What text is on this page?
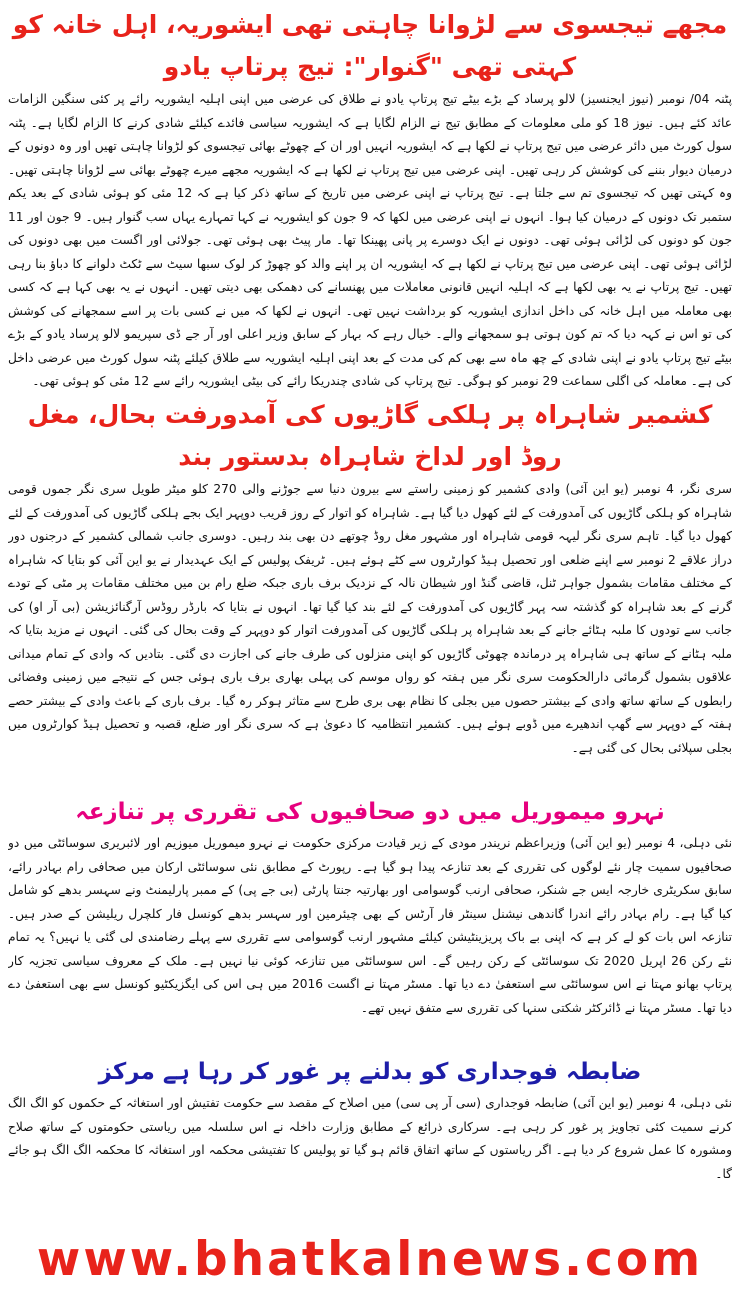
مجھے تیجسوی سے لڑوانا چاہتی تھی ایشوریہ، اہل خانہ کو کہتی تھی "گنوار": تیج پرتاپ یادو

پٹنہ 04/ نومبر (نیوز ایجنسیز) لالو پرساد کے بڑے بیٹے تیج پرتاپ یادو نے طلاق کی عرضی میں اپنی اہلیہ ایشوریہ رائے پر کئی سنگین الزامات عائد کئے ہیں۔ نیوز 18 کو ملی معلومات کے مطابق تیج نے الزام لگایا ہے کہ ایشوریہ سیاسی فائدے کیلئے شادی کرنے کا الزام لگایا ہے۔ پٹنہ سول کورٹ میں دائر عرضی میں تیج پرتاپ نے لکھا ہے کہ ایشوریہ انہیں اور ان کے چھوٹے بھائی تیجسوی کو لڑوانا چاہتی تھیں اور وہ دونوں کے درمیان دیوار بننے کی کوشش کر رہی تھیں۔ اپنی عرضی میں تیج پرتاپ نے لکھا ہے کہ ایشوریہ مجھے میرے چھوٹے بھائی سے لڑوانا چاہتی تھیں۔ وہ کہتی تھیں کہ تیجسوی تم سے جلتا ہے۔ تیج پرتاپ نے اپنی عرضی میں تاریخ کے ساتھ ذکر کیا ہے کہ 12 مئی کو ہوئی شادی کے بعد یکم ستمبر تک دونوں کے درمیان کیا ہوا۔ انہوں نے اپنی عرضی میں لکھا کہ 9 جون کو ایشوریہ نے کہا تمہارے یہاں سب گنوار ہیں۔ 9 جون اور 11 جون کو دونوں کی لڑائی ہوئی تھی۔ دونوں نے ایک دوسرے پر پانی پھینکا تھا۔ مار پیٹ بھی ہوئی تھی۔ جولائی اور اگست میں بھی دونوں کی لڑائی ہوئی تھی۔ اپنی عرضی میں تیج پرتاپ نے لکھا ہے کہ ایشوریہ ان پر اپنے والد کو چھوڑ کر لوک سبھا سیٹ سے ٹکٹ دلوانے کا دباؤ بنا رہی تھیں۔ تیج پرتاپ نے یہ بھی لکھا ہے کہ اہلیہ انہیں قانونی معاملات میں پھنسانے کی دھمکی بھی دیتی تھیں۔ انہوں نے یہ بھی کہا ہے کہ کسی بھی معاملہ میں اہل خانہ کی داخل اندازی ایشوریہ کو برداشت نہیں تھی۔ انہوں نے لکھا کہ میں نے کسی بات پر اسے سمجھانے کی کوشش کی تو اس نے کہہ دیا کہ تم کون ہوتی ہو سمجھانے والے۔ خیال رہے کہ بہار کے سابق وزیر اعلی اور آر جے ڈی سپریمو لالو پرساد یادو کے بڑے بیٹے تیج پرتاپ یادو نے اپنی شادی کے چھ ماہ سے بھی کم کی مدت کے بعد اپنی اہلیہ ایشوریہ سے طلاق کیلئے پٹنہ سول کورٹ میں عرضی داخل کی ہے۔ معاملہ کی اگلی سماعت 29 نومبر کو ہوگی۔ تیج پرتاپ کی شادی چندریکا رائے کی بیٹی ایشوریہ رائے سے 12 مئی کو ہوئی تھی۔

کشمیر شاہراہ پر ہلکی گاڑیوں کی آمدورفت بحال، مغل روڈ اور لداخ شاہراہ بدستور بند

سری نگر، 4 نومبر (یو این آئی) وادی کشمیر کو زمینی راستے سے بیرون دنیا سے جوڑنے والی 270 کلو میٹر طویل سری نگر جموں قومی شاہراہ کو ہلکی گاڑیوں کی آمدورفت کے لئے کھول دیا گیا ہے۔ شاہراہ کو اتوار کے روز قریب دوپہر ایک بجے ہلکی گاڑیوں کی آمدورفت کے لئے کھول دیا گیا۔ تاہم سری نگر لیہہ قومی شاہراہ اور مشہور مغل روڈ چوتھے دن بھی بند رہیں۔ دوسری جانب شمالی کشمیر کے درجنوں دور دراز علاقے 2 نومبر سے اپنے ضلعی اور تحصیل ہیڈ کوارٹروں سے کٹے ہوئے ہیں۔ ٹریفک پولیس کے ایک عہدیدار نے یو این آئی کو بتایا کہ شاہراہ کے مختلف مقامات بشمول جواہر ٹنل، قاضی گنڈ اور شیطان نالہ کے نزدیک برف باری جبکہ ضلع رام بن میں مختلف مقامات پر مٹی کے تودے گرنے کے بعد شاہراہ کو گذشتہ سہ پہر گاڑیوں کی آمدورفت کے لئے بند کیا گیا تھا۔ انہوں نے بتایا کہ بارڈر روڈس آرگنائزیشن (بی آر او) کی جانب سے تودوں کا ملبہ ہٹائے جانے کے بعد شاہراہ پر ہلکی گاڑیوں کی آمدورفت اتوار کو دوپہر کے وقت بحال کی گئی۔ انہوں نے مزید بتایا کہ ملبہ ہٹانے کے ساتھ ہی شاہراہ پر درماندہ چھوٹی گاڑیوں کو اپنی منزلوں کی طرف جانے کی اجازت دی گئی۔ بتادیں کہ وادی کے تمام میدانی علاقوں بشمول گرمائی دارالحکومت سری نگر میں ہفتہ کو رواں موسم کی پہلی بھاری برف باری ہوئی جس کے نتیجے میں زمینی وفضائی رابطوں کے ساتھ ساتھ وادی کے بیشتر حصوں میں بجلی کا نظام بھی بری طرح سے متاثر ہوکر رہ گیا۔ برف باری کے باعث وادی کے بیشتر حصے ہفتہ کے دوپہر سے گھپ اندھیرے میں ڈوبے ہوئے ہیں۔ کشمیر انتظامیہ کا دعویٰ ہے کہ سری نگر اور ضلع، قصبہ و تحصیل ہیڈ کوارٹروں میں بجلی سپلائی بحال کی گئی ہے۔

نہرو میموریل میں دو صحافیوں کی تقرری پر تنازعہ

نئی دہلی، 4 نومبر (یو این آئی) وزیراعظم نریندر مودی کے زیر قیادت مرکزی حکومت نے نہرو میموریل میوزیم اور لائبریری سوسائٹی میں دو صحافیوں سمیت چار نئے لوگوں کی تقرری کے بعد تنازعہ پیدا ہو گیا ہے۔ رپورٹ کے مطابق نئی سوسائٹی ارکان میں صحافی رام بہادر رائے، سابق سکریٹری خارجہ ایس جے شنکر، صحافی ارنب گوسوامی اور بھارتیہ جنتا پارٹی (بی جے پی) کے ممبر پارلیمنٹ ونے سہسر بدھے کو شامل کیا گیا ہے۔ رام بہادر رائے اندرا گاندھی نیشنل سینٹر فار آرٹس کے بھی چیئرمین اور سہسر بدھے کونسل فار کلچرل ریلیشن کے صدر ہیں۔ تنازعہ اس بات کو لے کر ہے کہ اپنی بے باک پریزینٹیشن کیلئے مشہور ارنب گوسوامی سے تقرری سے پہلے رضامندی لی گئی یا نہیں؟ یہ تمام نئے رکن 26 اپریل 2020 تک سوسائٹی کے رکن رہیں گے۔ اس سوسائٹی میں تنازعہ کوئی نیا نہیں ہے۔ ملک کے معروف سیاسی تجزیہ کار پرتاپ بھانو مہتا نے اس سوسائٹی سے استعفیٰ دے دیا تھا۔ مسٹر مہتا نے اگست 2016 میں ہی اس کی ایگزیکٹیو کونسل سے بھی استعفیٰ دے دیا تھا۔ مسٹر مہتا نے ڈائرکٹر شکتی سنہا کی تقرری سے متفق نہیں تھے۔

ضابطہ فوجداری کو بدلنے پر غور کر رہا ہے مرکز

نئی دہلی، 4 نومبر (یو این آئی) ضابطہ فوجداری (سی آر پی سی) میں اصلاح کے مقصد سے حکومت تفتیش اور استغاثہ کے حکموں کو الگ الگ کرنے سمیت کئی تجاویز پر غور کر رہی ہے۔ سرکاری ذرائع کے مطابق وزارت داخلہ نے اس سلسلہ میں ریاستی حکومتوں کے ساتھ صلاح ومشورہ کا عمل شروع کر دیا ہے۔ اگر ریاستوں کے ساتھ اتفاق قائم ہو گیا تو پولیس کا تفتیشی محکمہ اور استغاثہ کا محکمہ الگ الگ ہو جائے گا۔

www.bhatkalnews.com
